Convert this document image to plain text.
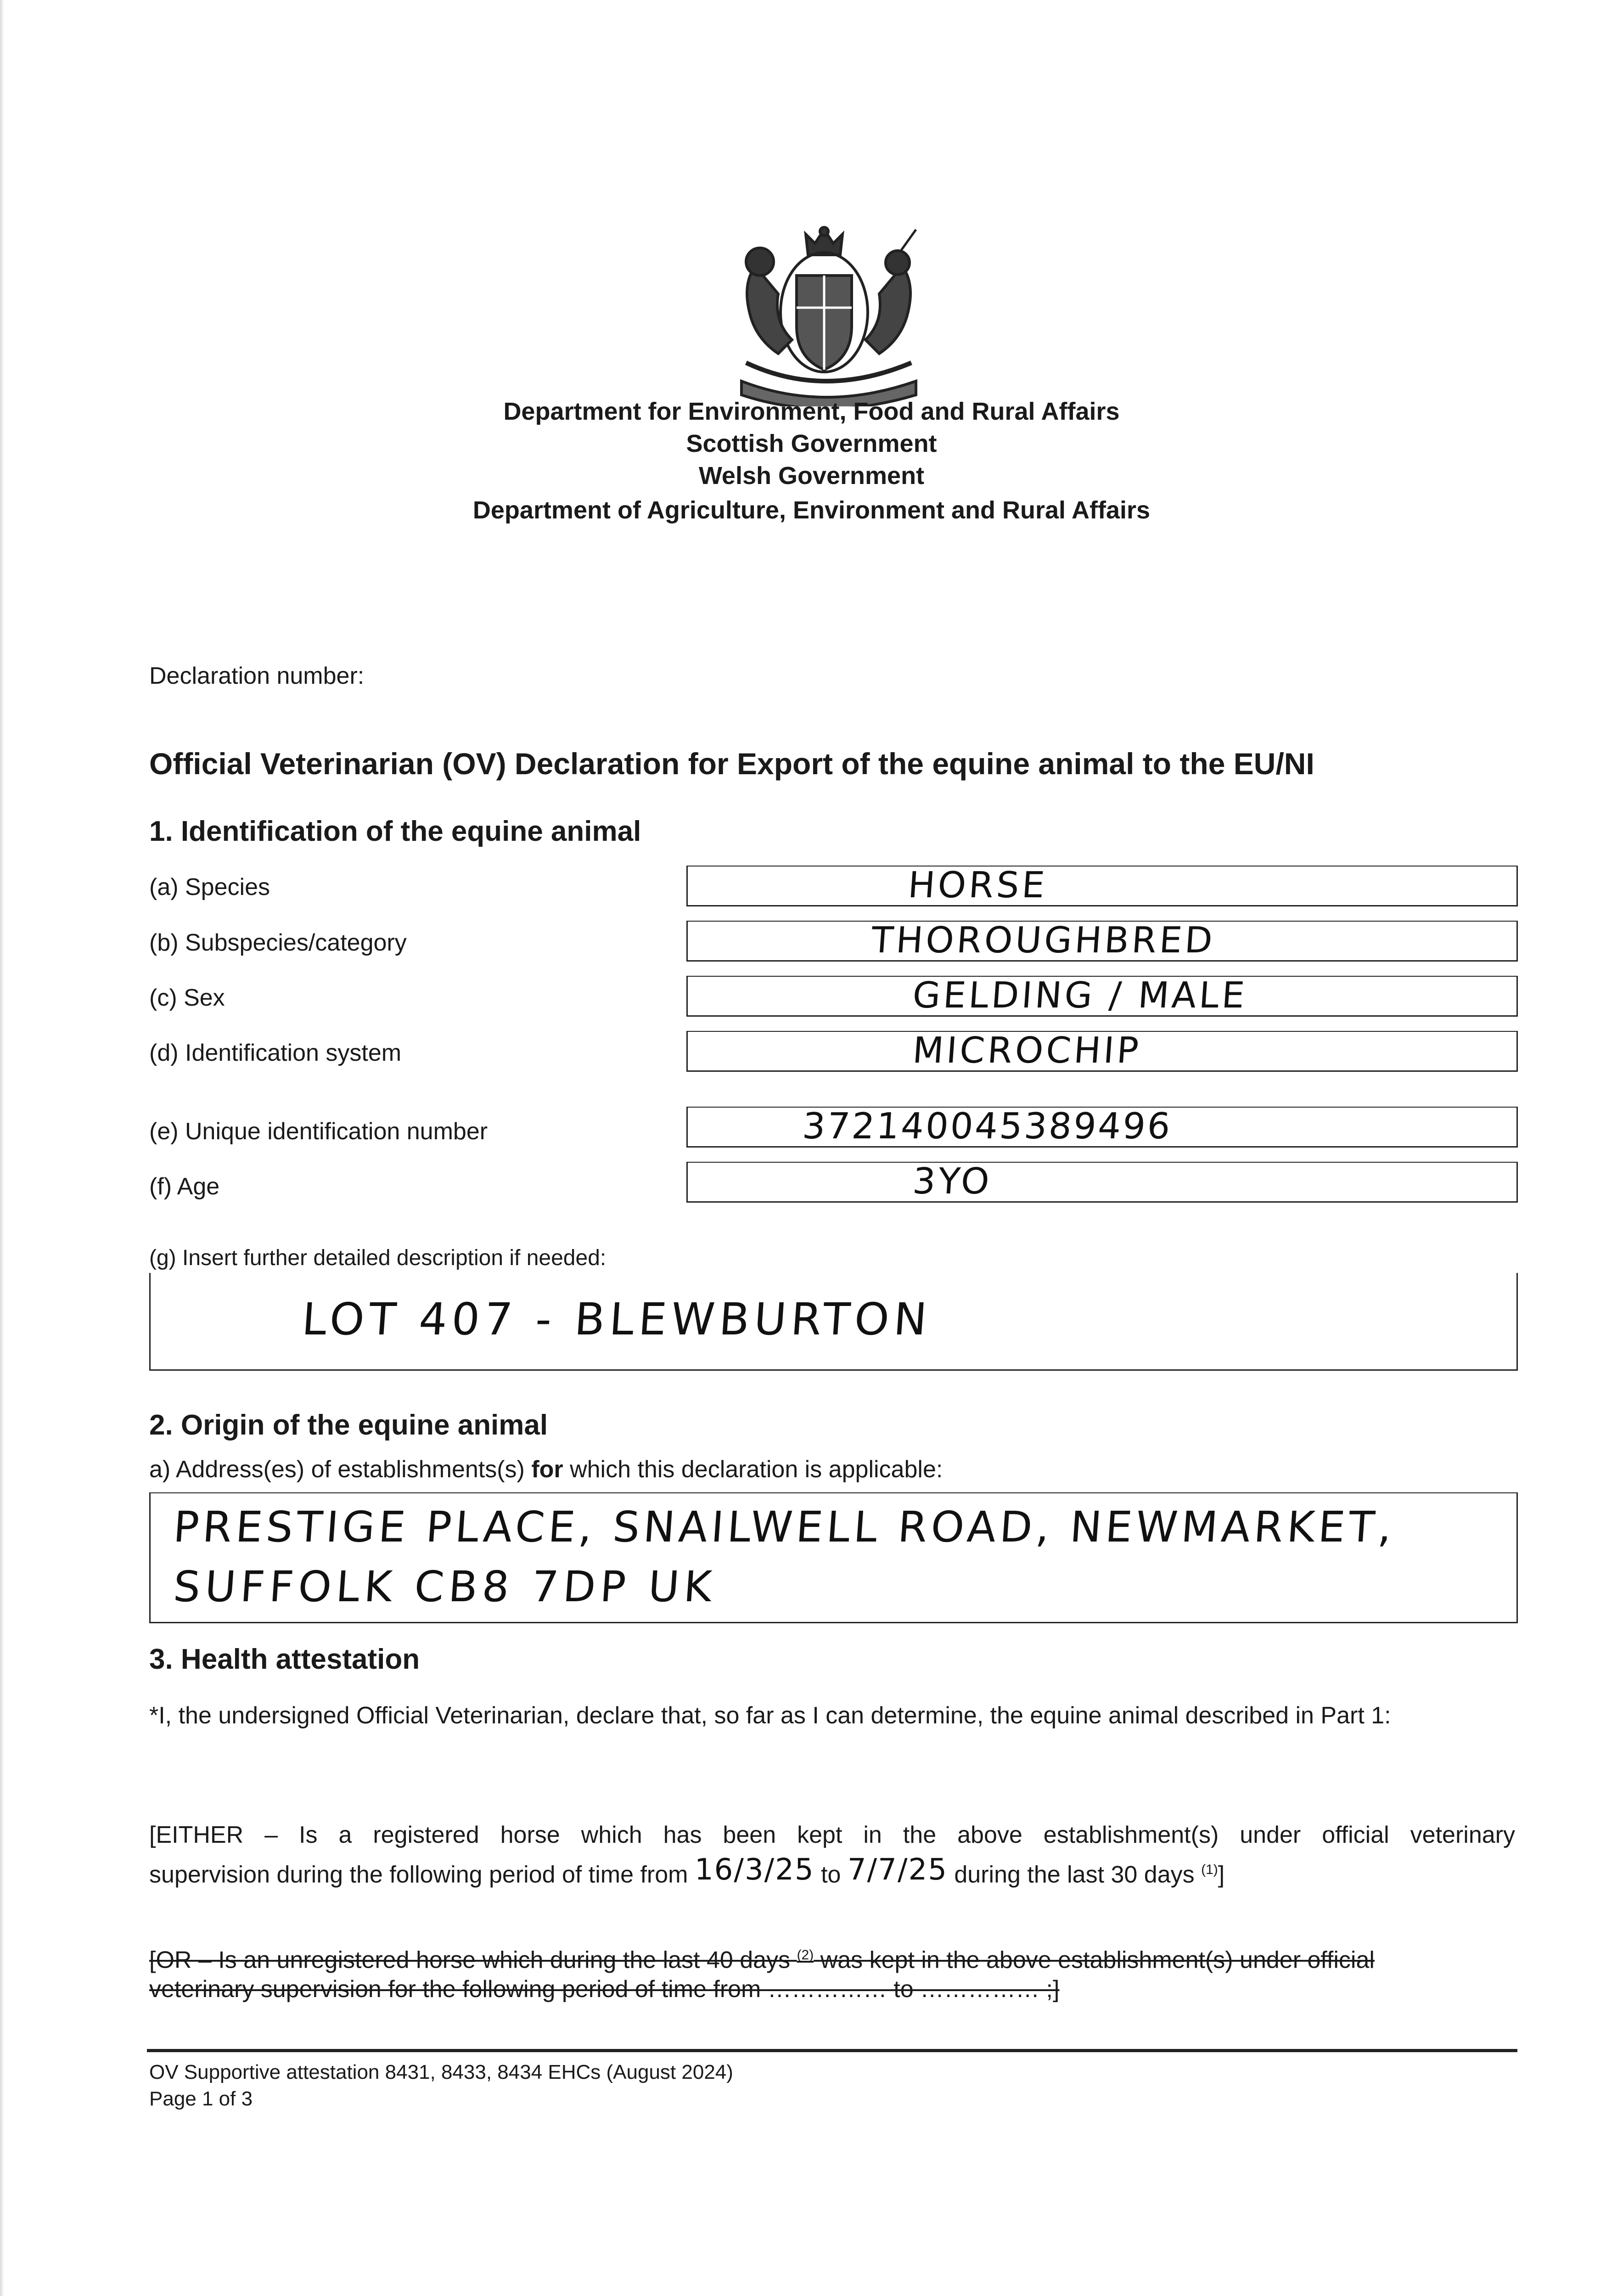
Department for Environment, Food and Rural Affairs
Scottish Government
Welsh Government
Department of Agriculture, Environment and Rural Affairs
Declaration number:
Official Veterinarian (OV) Declaration for Export of the equine animal to the EU/NI
1. Identification of the equine animal
(a) Species	HORSE
(b) Subspecies/category	THOROUGHBRED
(c) Sex	GELDING / MALE
(d) Identification system	MICROCHIP
(e) Unique identification number	372140045389496
(f) Age	3YO
(g) Insert further detailed description if needed:
LOT 407 - BLEWBURTON
2. Origin of the equine animal
a) Address(es) of establishments(s) for which this declaration is applicable:
PRESTIGE PLACE, SNAILWELL ROAD, NEWMARKET,
SUFFOLK CB8 7DP UK
3. Health attestation
*I, the undersigned Official Veterinarian, declare that, so far as I can determine, the equine animal described in Part 1:
[EITHER – Is a registered horse which has been kept in the above establishment(s) under official veterinary
supervision during the following period of time from 16/3/25 to 7/7/25 during the last 30 days $^{(1)}$]
[OR – Is an unregistered horse which during the last 40 days $^{(2)}$ was kept in the above establishment(s) under official
veterinary supervision for the following period of time from …………… to …………… ;]
OV Supportive attestation 8431, 8433, 8434 EHCs (August 2024)
Page 1 of 3
